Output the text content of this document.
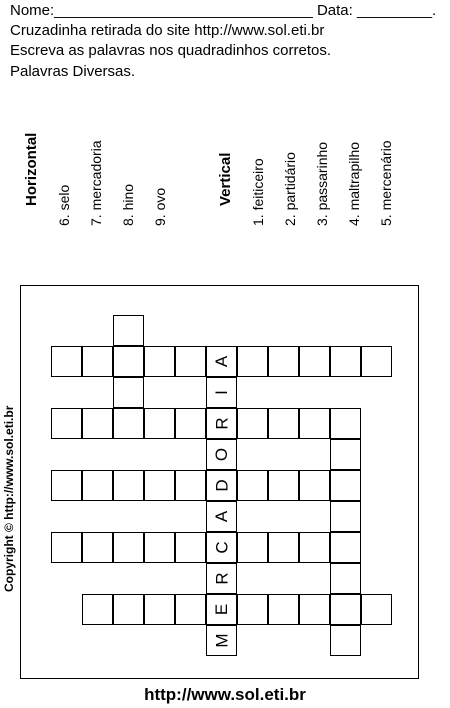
Nome:_______________________________ Data: _________.
Cruzadinha retirada do site http://www.sol.eti.br
Escreva as palavras nos quadradinhos corretos.
Palavras Diversas.
Horizontal 6. selo 7. mercadoria 8. hino 9. ovo
Vertical 1. feiticeiro 2. partidário 3. passarinho 4. maltrapilho 5. mercenário
Copyright © http://www.sol.eti.br
M
E
R
C
A
D
O
R
I
A
http://www.sol.eti.br
